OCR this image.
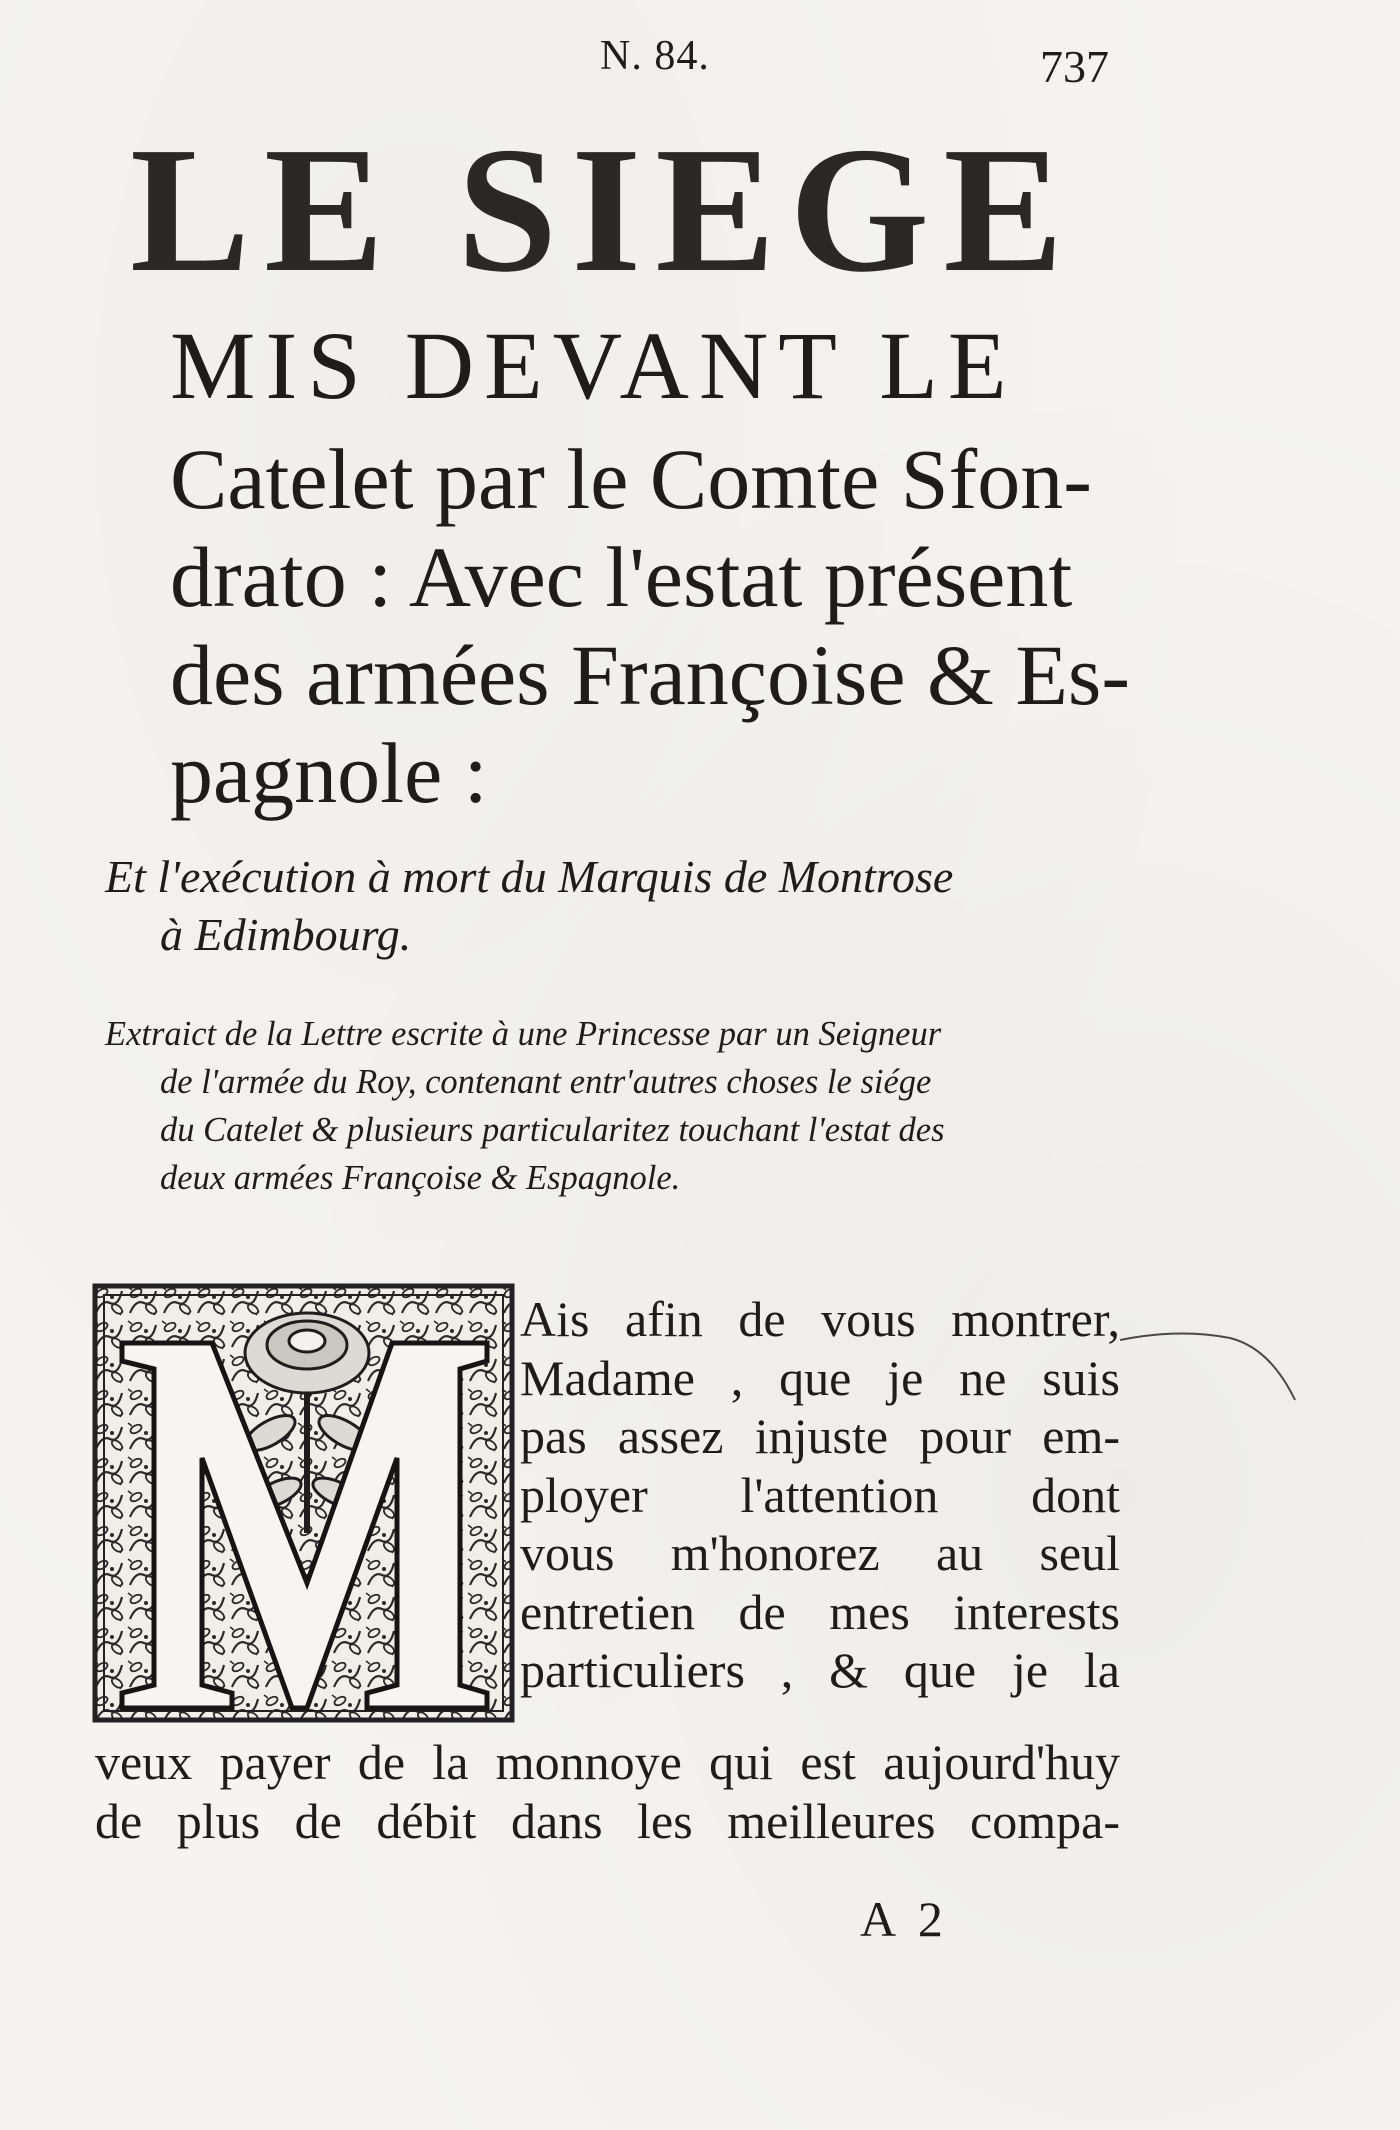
N. 84.	737
LE SIEGE
MIS DEVANT LE

Catelet par le Comte Sfon-
drato : Avec l'estat présent
des armées Françoise & Es-
pagnole :

Et l'exécution à mort du Marquis de Montrose
à Edimbourg.

Extraict de la Lettre escrite à une Princesse par un Seigneur
de l'armée du Roy, contenant entr'autres choses le siége
du Catelet & plusieurs particularitez touchant l'estat des
deux armées Françoise & Espagnole.

Ais afin de vous montrer,
Madame , que je ne suis
pas assez injuste pour em-
ployer l'attention dont
vous m'honorez au seul
entretien de mes interests
particuliers , & que je la

veux payer de la monnoye qui est aujourd'huy
de plus de débit dans les meilleures compa-

A 2
